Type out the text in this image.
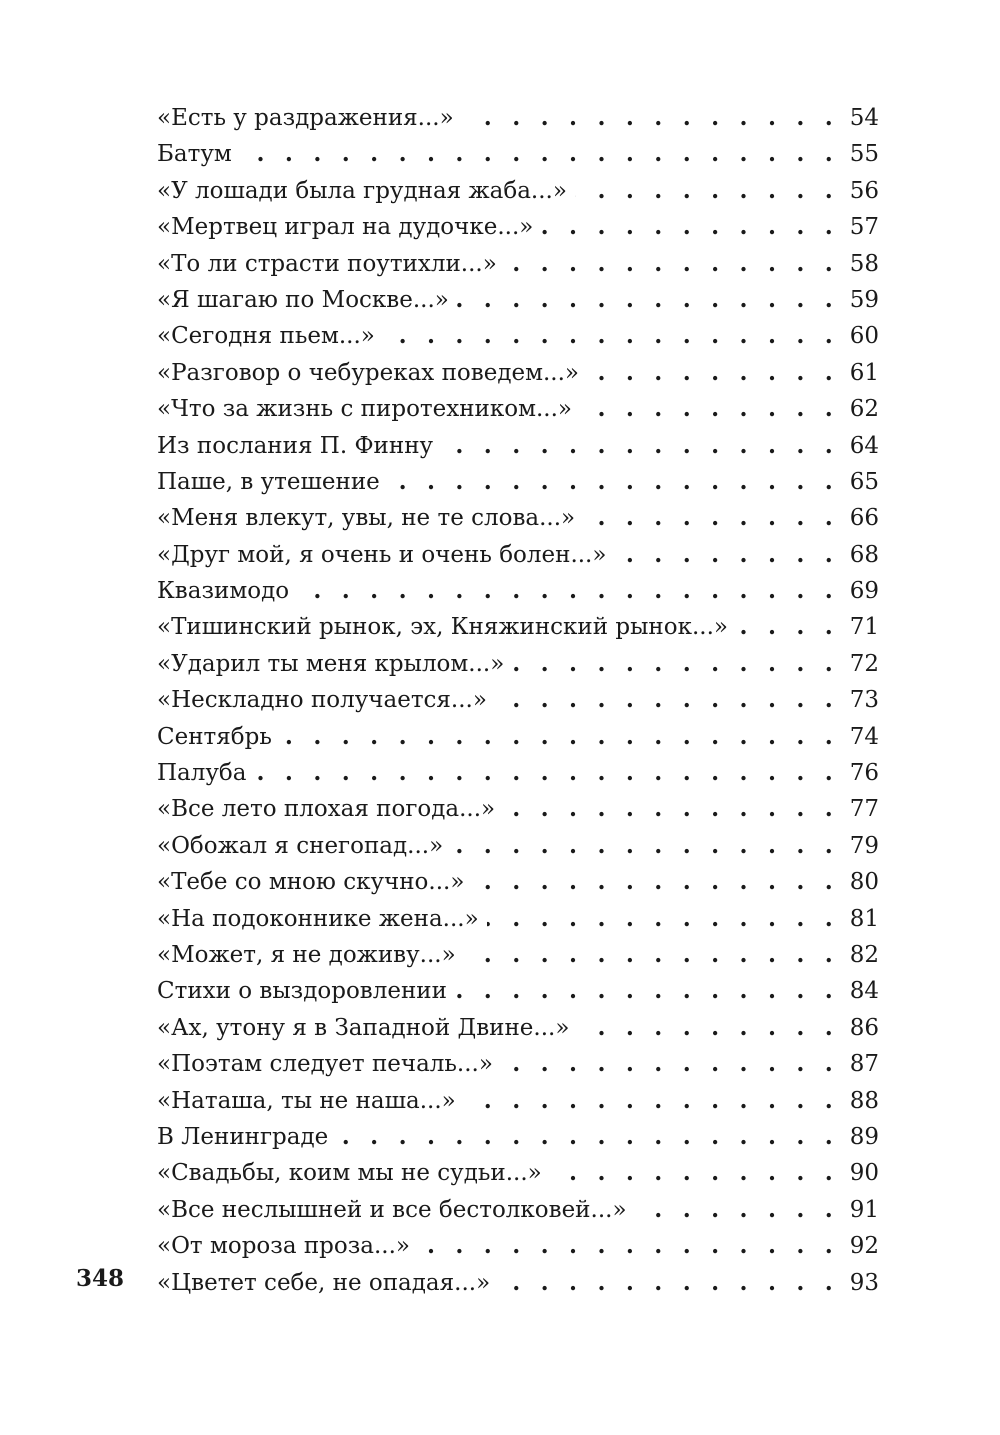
«Есть у раздражения...» . . .	54
Батум . . .	55
«У лошади была грудная жаба...» . . .	56
«Мертвец играл на дудочке...» . . .	57
«То ли страсти поутихли...» . . .	58
«Я шагаю по Москве...» . . .	59
«Сегодня пьем...» . . .	60
«Разговор о чебуреках поведем...» . . .	61
«Что за жизнь с пиротехником...» . . .	62
Из послания П. Финну . . .	64
Паше, в утешение . . .	65
«Меня влекут, увы, не те слова...» . . .	66
«Друг мой, я очень и очень болен...» . . .	68
Квазимодо . . .	69
«Тишинский рынок, эх, Княжинский рынок...» . . .	71
«Ударил ты меня крылом...» . . .	72
«Нескладно получается...» . . .	73
Сентябрь . . .	74
Палуба . . .	76
«Все лето плохая погода...» . . .	77
«Обожал я снегопад...» . . .	79
«Тебе со мною скучно...» . . .	80
«На подоконнике жена...» . . .	81
«Может, я не доживу...» . . .	82
Стихи о выздоровлении . . .	84
«Ах, утону я в Западной Двине...» . . .	86
«Поэтам следует печаль...» . . .	87
«Наташа, ты не наша...» . . .	88
В Ленинграде . . .	89
«Свадьбы, коим мы не судьи...» . . .	90
«Все неслышней и все бестолковей...» . . .	91
«От мороза проза...» . . .	92
«Цветет себе, не опадая...» . . .	93
348
